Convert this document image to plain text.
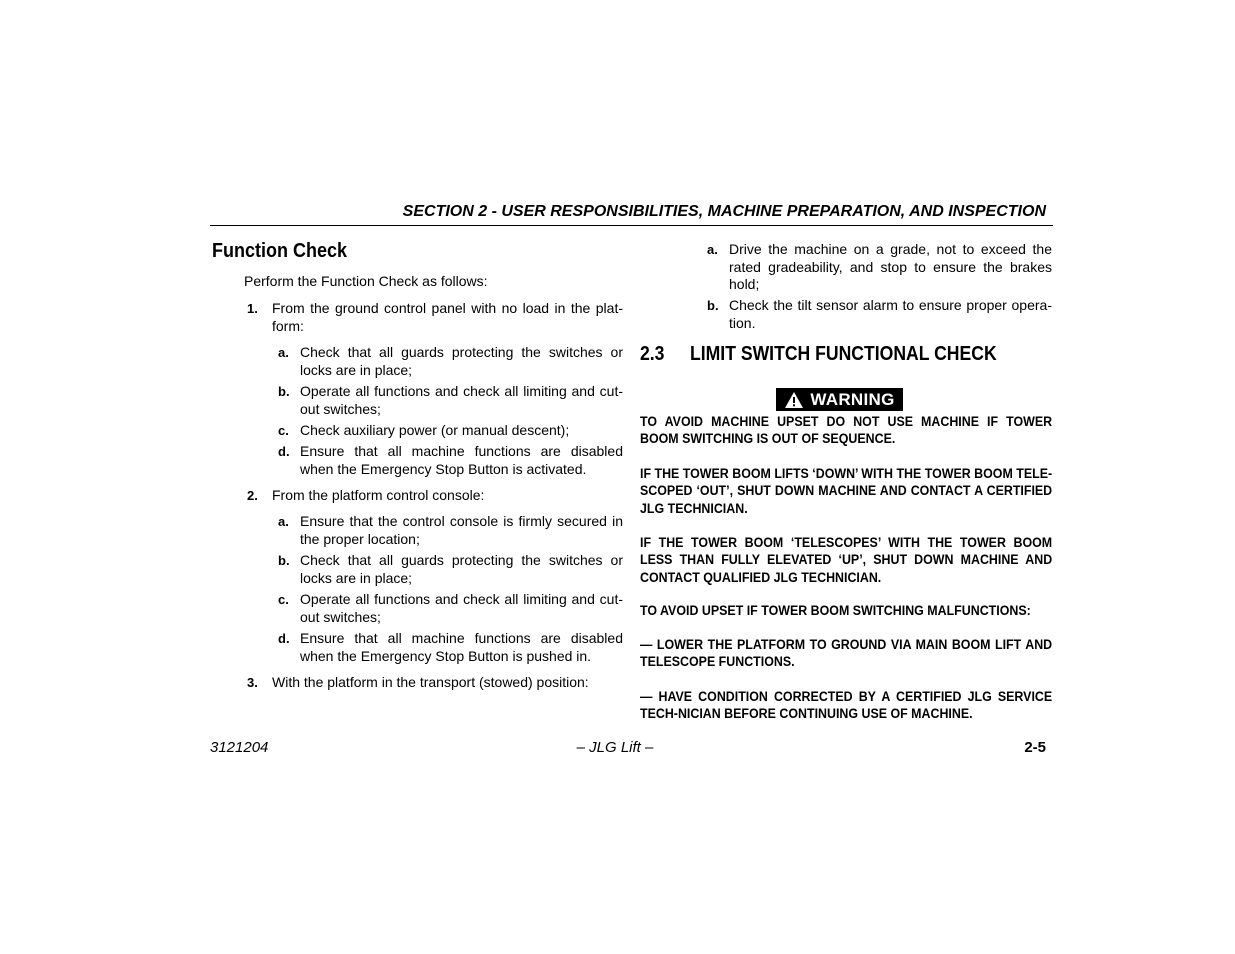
SECTION 2 - USER RESPONSIBILITIES, MACHINE PREPARATION, AND INSPECTION
Function Check
Perform the Function Check as follows:
1. From the ground control panel with no load in the plat-form:
a. Check that all guards protecting the switches or locks are in place;
b. Operate all functions and check all limiting and cut-out switches;
c. Check auxiliary power (or manual descent);
d. Ensure that all machine functions are disabled when the Emergency Stop Button is activated.
2. From the platform control console:
a. Ensure that the control console is firmly secured in the proper location;
b. Check that all guards protecting the switches or locks are in place;
c. Operate all functions and check all limiting and cut-out switches;
d. Ensure that all machine functions are disabled when the Emergency Stop Button is pushed in.
3. With the platform in the transport (stowed) position:
a. Drive the machine on a grade, not to exceed the rated gradeability, and stop to ensure the brakes hold;
b. Check the tilt sensor alarm to ensure proper opera-tion.
2.3 LIMIT SWITCH FUNCTIONAL CHECK
WARNING
TO AVOID MACHINE UPSET DO NOT USE MACHINE IF TOWER BOOM SWITCHING IS OUT OF SEQUENCE.
IF THE TOWER BOOM LIFTS ‘DOWN’ WITH THE TOWER BOOM TELE-SCOPED ‘OUT’, SHUT DOWN MACHINE AND CONTACT A CERTIFIED JLG TECHNICIAN.
IF THE TOWER BOOM ‘TELESCOPES’ WITH THE TOWER BOOM LESS THAN FULLY ELEVATED ‘UP’, SHUT DOWN MACHINE AND CONTACT QUALIFIED JLG TECHNICIAN.
TO AVOID UPSET IF TOWER BOOM SWITCHING MALFUNCTIONS:
— LOWER THE PLATFORM TO GROUND VIA MAIN BOOM LIFT AND TELESCOPE FUNCTIONS.
— HAVE CONDITION CORRECTED BY A CERTIFIED JLG SERVICE TECH-NICIAN BEFORE CONTINUING USE OF MACHINE.
3121204	– JLG Lift –	2-5
